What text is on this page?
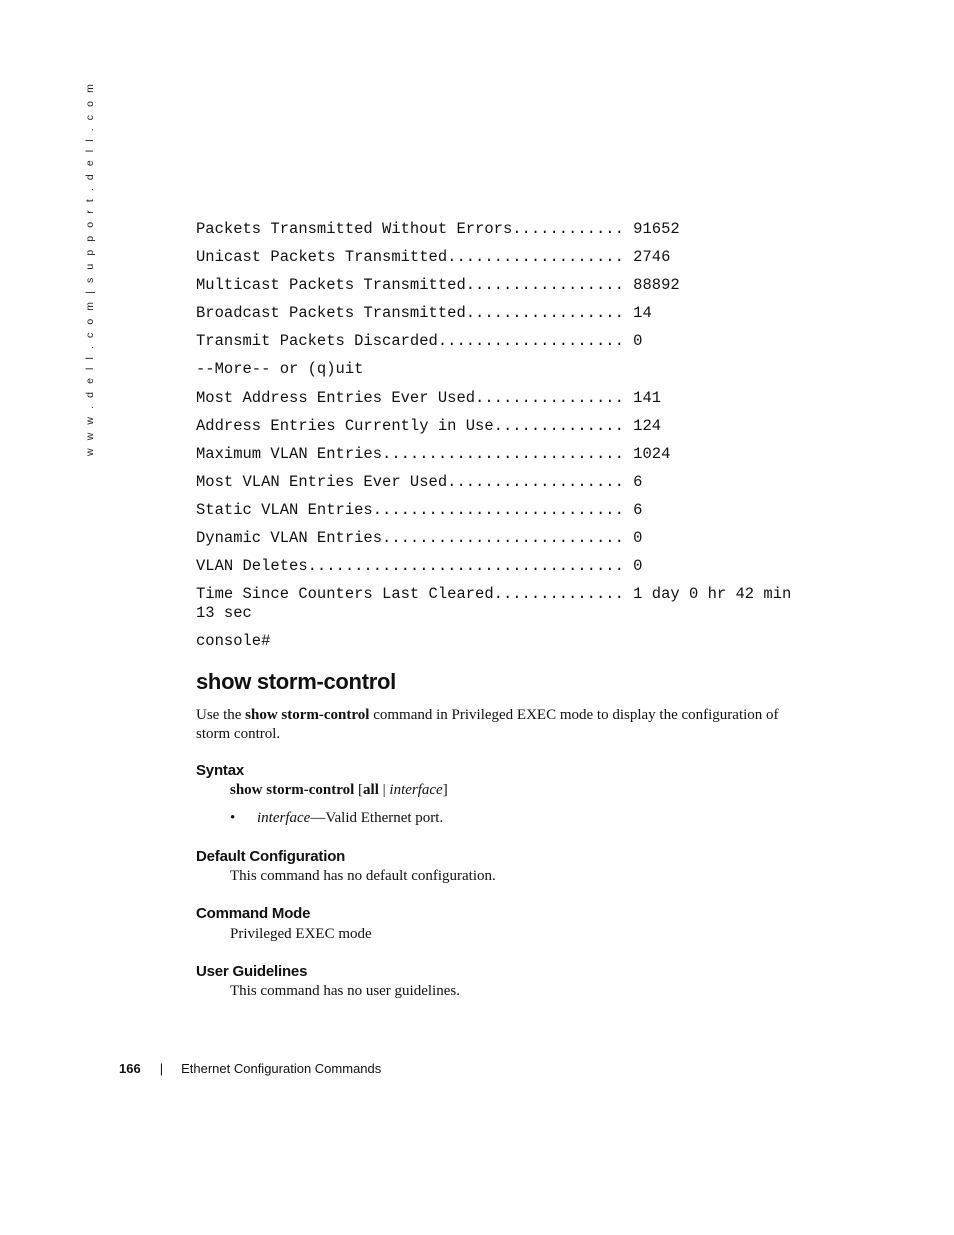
w w w . d e l l . c o m | s u p p o r t . d e l l . c o m	Packets Transmitted Without Errors............ 91652
Unicast Packets Transmitted................... 2746
Multicast Packets Transmitted................. 88892
Broadcast Packets Transmitted................. 14
Transmit Packets Discarded.................... 0
--More-- or (q)uit
Most Address Entries Ever Used................ 141
Address Entries Currently in Use.............. 124
Maximum VLAN Entries.......................... 1024
Most VLAN Entries Ever Used................... 6
Static VLAN Entries........................... 6
Dynamic VLAN Entries.......................... 0
VLAN Deletes.................................. 0
Time Since Counters Last Cleared.............. 1 day 0 hr 42 min
13 sec
console#
show storm-control

Use the show storm-control command in Privileged EXEC mode to display the configuration of storm control.

Syntax

show storm-control [all | interface]

• interface—Valid Ethernet port.
Default Configuration

This command has no default configuration.

Command Mode

Privileged EXEC mode

User Guidelines

This command has no user guidelines.

166 | Ethernet Configuration Commands
